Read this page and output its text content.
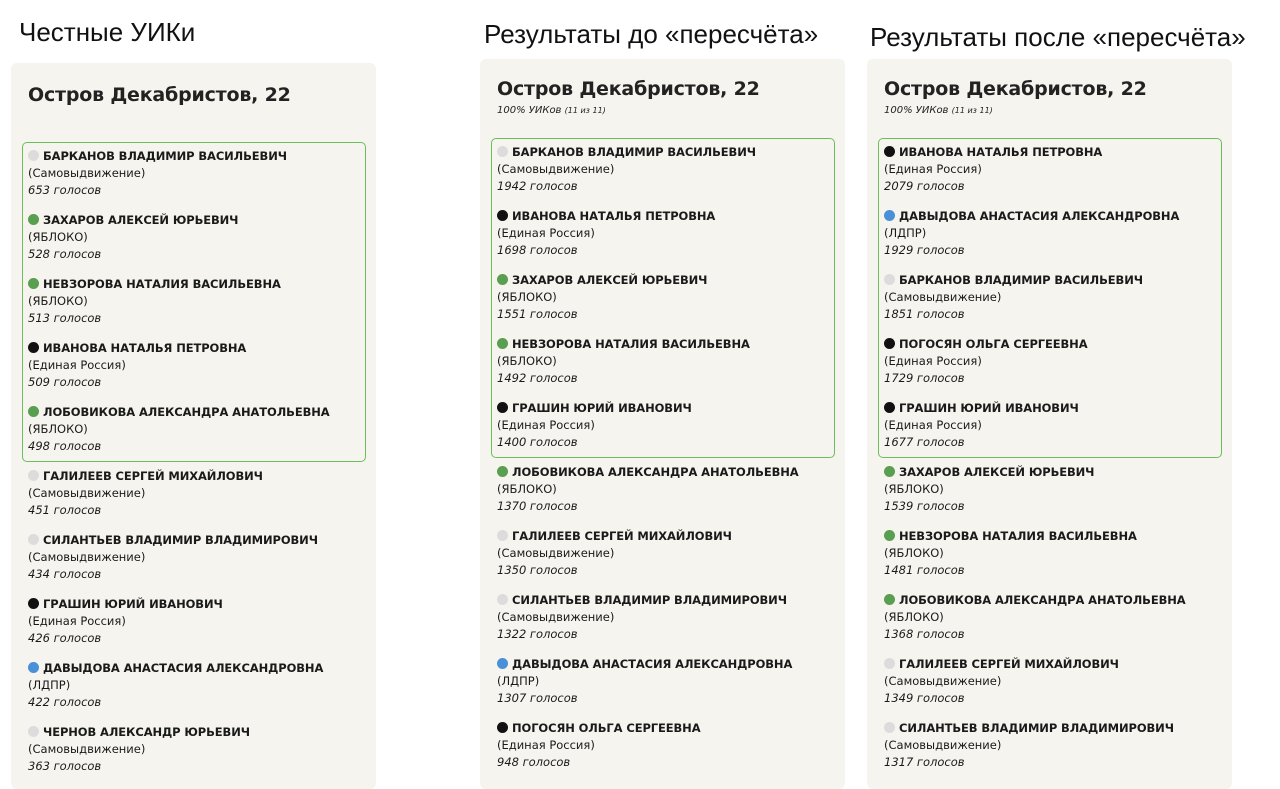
Честные УИКи	Результаты до «пересчёта» Результаты после «пересчёта»
Остров Декабристов, 22
БАРКАНОВ ВЛАДИМИР ВАСИЛЬЕВИЧ
(Самовыдвижение)
653 голосов
ЗАХАРОВ АЛЕКСЕЙ ЮРЬЕВИЧ
(ЯБЛОКО)
528 голосов
НЕВЗОРОВА НАТАЛИЯ ВАСИЛЬЕВНА
(ЯБЛОКО)
513 голосов
ИВАНОВА НАТАЛЬЯ ПЕТРОВНА
(Единая Россия)
509 голосов
ЛОБОВИКОВА АЛЕКСАНДРА АНАТОЛЬЕВНА
(ЯБЛОКО)
498 голосов
ГАЛИЛЕЕВ СЕРГЕЙ МИХАЙЛОВИЧ
(Самовыдвижение)
451 голосов
СИЛАНТЬЕВ ВЛАДИМИР ВЛАДИМИРОВИЧ
(Самовыдвижение)
434 голосов
ГРАШИН ЮРИЙ ИВАНОВИЧ
(Единая Россия)
426 голосов
ДАВЫДОВА АНАСТАСИЯ АЛЕКСАНДРОВНА
(ЛДПР)
422 голосов
ЧЕРНОВ АЛЕКСАНДР ЮРЬЕВИЧ
(Самовыдвижение)
363 голосов
Остров Декабристов, 22
100% УИКов (11 из 11)
БАРКАНОВ ВЛАДИМИР ВАСИЛЬЕВИЧ
(Самовыдвижение)
1942 голосов
ИВАНОВА НАТАЛЬЯ ПЕТРОВНА
(Единая Россия)
1698 голосов
ЗАХАРОВ АЛЕКСЕЙ ЮРЬЕВИЧ
(ЯБЛОКО)
1551 голосов
НЕВЗОРОВА НАТАЛИЯ ВАСИЛЬЕВНА
(ЯБЛОКО)
1492 голосов
ГРАШИН ЮРИЙ ИВАНОВИЧ
(Единая Россия)
1400 голосов
ЛОБОВИКОВА АЛЕКСАНДРА АНАТОЛЬЕВНА
(ЯБЛОКО)
1370 голосов
ГАЛИЛЕЕВ СЕРГЕЙ МИХАЙЛОВИЧ
(Самовыдвижение)
1350 голосов
СИЛАНТЬЕВ ВЛАДИМИР ВЛАДИМИРОВИЧ
(Самовыдвижение)
1322 голосов
ДАВЫДОВА АНАСТАСИЯ АЛЕКСАНДРОВНА
(ЛДПР)
1307 голосов
ПОГОСЯН ОЛЬГА СЕРГЕЕВНА
(Единая Россия)
948 голосов
Остров Декабристов, 22
100% УИКов (11 из 11)
ИВАНОВА НАТАЛЬЯ ПЕТРОВНА
(Единая Россия)
2079 голосов
ДАВЫДОВА АНАСТАСИЯ АЛЕКСАНДРОВНА
(ЛДПР)
1929 голосов
БАРКАНОВ ВЛАДИМИР ВАСИЛЬЕВИЧ
(Самовыдвижение)
1851 голосов
ПОГОСЯН ОЛЬГА СЕРГЕЕВНА
(Единая Россия)
1729 голосов
ГРАШИН ЮРИЙ ИВАНОВИЧ
(Единая Россия)
1677 голосов
ЗАХАРОВ АЛЕКСЕЙ ЮРЬЕВИЧ
(ЯБЛОКО)
1539 голосов
НЕВЗОРОВА НАТАЛИЯ ВАСИЛЬЕВНА
(ЯБЛОКО)
1481 голосов
ЛОБОВИКОВА АЛЕКСАНДРА АНАТОЛЬЕВНА
(ЯБЛОКО)
1368 голосов
ГАЛИЛЕЕВ СЕРГЕЙ МИХАЙЛОВИЧ
(Самовыдвижение)
1349 голосов
СИЛАНТЬЕВ ВЛАДИМИР ВЛАДИМИРОВИЧ
(Самовыдвижение)
1317 голосов
